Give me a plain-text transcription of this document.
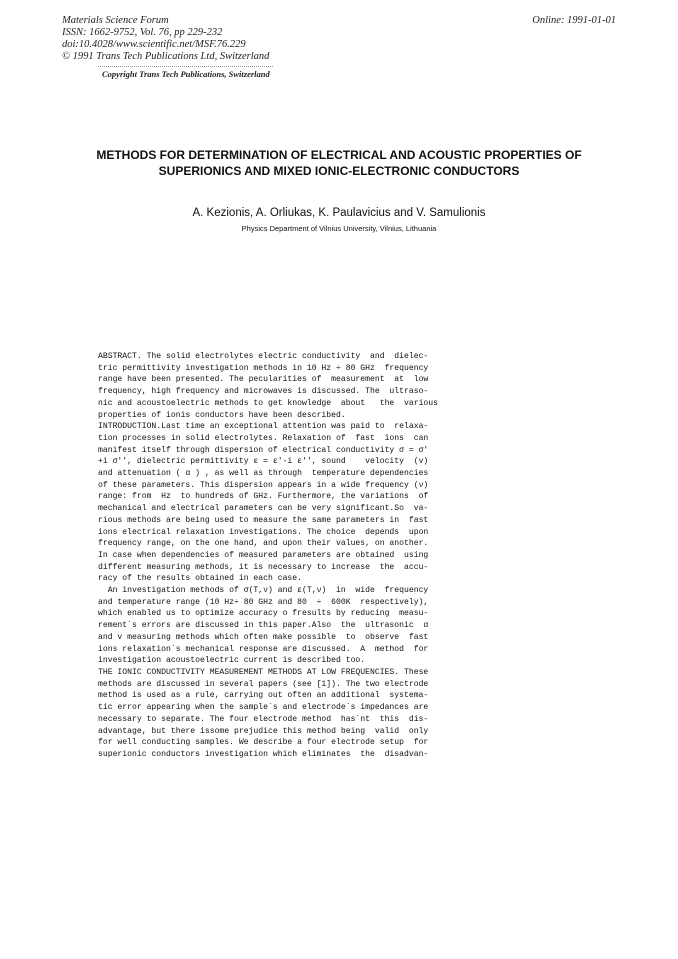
Materials Science Forum
ISSN: 1662-9752, Vol. 76, pp 229-232
doi:10.4028/www.scientific.net/MSF.76.229
© 1991 Trans Tech Publications Ltd, Switzerland
Online: 1991-01-01
Copyright Trans Tech Publications, Switzerland
METHODS FOR DETERMINATION OF ELECTRICAL AND ACOUSTIC PROPERTIES OF SUPERIONICS AND MIXED IONIC-ELECTRONIC CONDUCTORS

A. Kezionis, A. Orliukas, K. Paulavicius and V. Samulionis

Physics Department of Vilnius University, Vilnius, Lithuania

ABSTRACT. The solid electrolytes electric conductivity  and  dielec-
tric permittivity investigation methods in 10 Hz ÷ 80 GHz  frequency
range have been presented. The pecularities of  measurement  at  low
frequency, high frequency and microwaves is discussed. The  ultraso-
nic and acoustoelectric methods to get knowledge  about   the  various
properties of ionis conductors have been described.
INTRODUCTION.Last time an exceptional attention was paid to  relaxa-
tion processes in solid electrolytes. Relaxation of  fast  ions  can
manifest itself through dispersion of electrical conductivity σ = σ′
+i σ′′, dielectric permittivity ε = ε′-i ε′′, sound    velocity  (v)
and attenuation ( α ) , as well as through  temperature dependencies
of these parameters. This dispersion appears in a wide frequency (ν)
range: from  Hz  to hundreds of GHz. Furthermore, the variations  of
mechanical and electrical parameters can be very significant.So  va-
rious methods are being used to measure the same parameters in  fast
ions electrical relaxation investigations. The choice  depends  upon
frequency range, on the one hand, and upon their values, on another.
In case when dependencies of measured parameters are obtained  using
different measuring methods, it is necessary to increase  the  accu-
racy of the results obtained in each case.
An investigation methods of σ(T,ν) and ε(T,ν)  in  wide  frequency
and temperature range (10 Hz÷ 80 GHz and 80  ÷  600K  respectively),
which enabled us to optimize accuracy o fresults by reducing  measu-
rement`s errors are discussed in this paper.Also  the  ultrasonic  α
and v measuring methods which often make possible  to  observe  fast
ions relaxation`s mechanical response are discussed.  A  method  for
investigation acoustoelectric current is described too.
THE IONIC CONDUCTIVITY MEASUREMENT METHODS AT LOW FREQUENCIES. These
methods are discussed in several papers (see [1]). The two electrode
method is used as a rule, carrying out often an additional  systema-
tic error appearing when the sample`s and electrode`s impedances are
necessary to separate. The four electrode method  has`nt  this  dis-
advantage, but there issome prejudice this method being  valid  only
for well conducting samples. We describe a four electrode setup  for
superionic conductors investigation which eliminates  the  disadvan-
